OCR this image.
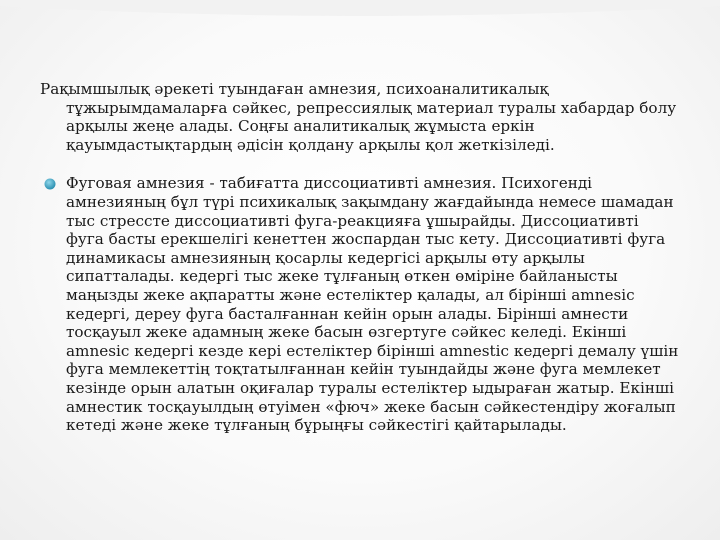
Рақымшылық әрекеті туындаған амнезия, психоаналитикалық тұжырымдамаларға сәйкес, репрессиялық материал туралы хабардар болу арқылы жеңе алады. Соңғы аналитикалық жұмыста еркін қауымдастықтардың әдісін қолдану арқылы қол жеткізіледі.

Фуговая амнезия - табиғатта диссоциативті амнезия. Психогенді амнезияның бұл түрі психикалық зақымдану жағдайында немесе шамадан тыс стрессте диссоциативті фуга-реакцияға ұшырайды. Диссоциативті фуга басты ерекшелігі кенеттен жоспардан тыс кету. Диссоциативті фуга динамикасы амнезияның қосарлы кедергісі арқылы өту арқылы сипатталады. кедергі тыс жеке тұлғаның өткен өміріне байланысты маңызды жеке ақпаратты және естеліктер қалады, ал біріншi amnesic кедергі, дереу фуга басталғаннан кейін орын алады. Бірінші амнести тосқауыл жеке адамның жеке басын өзгертуге сәйкес келеді. Екінші amnesic кедергі кезде кері естеліктер бірінші amnestic кедергі демалу үшін фуга мемлекеттің тоқтатылғаннан кейін туындайды және фуга мемлекет кезінде орын алатын оқиғалар туралы естеліктер ыдыраған жатыр. Екінші амнестик тосқауылдың өтуімен «фюч» жеке басын сәйкестендіру жоғалып кетеді және жеке тұлғаның бұрыңғы сәйкестігі қайтарылады.
